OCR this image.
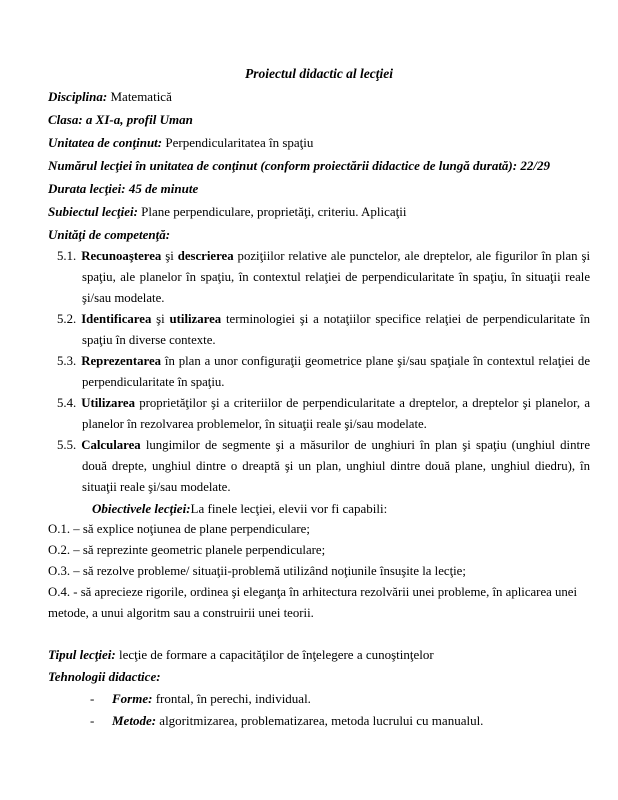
Proiectul didactic al lecţiei

Disciplina: Matematică

Clasa: a XI-a, profil Uman

Unitatea de conţinut: Perpendicularitatea în spaţiu

Numărul lecţiei în unitatea de conţinut (conform proiectării didactice de lungă durată): 22/29

Durata lecţiei: 45 de minute

Subiectul lecţiei: Plane perpendiculare, proprietăţi, criteriu. Aplicaţii

Unităţi de competenţă:

5.1. Recunoaşterea şi descrierea poziţiilor relative ale punctelor, ale dreptelor, ale figurilor în plan şi spaţiu, ale planelor în spaţiu, în contextul relaţiei de perpendicularitate în spaţiu, în situaţii reale şi/sau modelate.

5.2. Identificarea şi utilizarea terminologiei şi a notaţiilor specifice relaţiei de perpendicularitate în spaţiu în diverse contexte.

5.3. Reprezentarea în plan a unor configuraţii geometrice plane şi/sau spaţiale în contextul relaţiei de perpendicularitate în spaţiu.

5.4. Utilizarea proprietăţilor şi a criteriilor de perpendicularitate a dreptelor, a dreptelor şi planelor, a planelor în rezolvarea problemelor, în situaţii reale şi/sau modelate.

5.5. Calcularea lungimilor de segmente şi a măsurilor de unghiuri în plan şi spaţiu (unghiul dintre două drepte, unghiul dintre o dreaptă şi un plan, unghiul dintre două plane, unghiul diedru), în situaţii reale şi/sau modelate.

Obiectivele lecţiei:La finele lecţiei, elevii vor fi capabili:

O.1. – să explice noţiunea de plane perpendiculare;

O.2. – să reprezinte geometric planele perpendiculare;

O.3. – să rezolve probleme/ situaţii-problemă utilizând noţiunile însuşite la lecţie;

O.4. - să aprecieze rigorile, ordinea şi eleganţa în arhitectura rezolvării unei probleme, în aplicarea unei metode, a unui algoritm sau a construirii unei teorii.

Tipul lecţiei: lecţie de formare a capacităţilor de înţelegere a cunoştinţelor

Tehnologii didactice:

- Forme: frontal, în perechi, individual.
- Metode: algoritmizarea, problematizarea, metoda lucrului cu manualul.
